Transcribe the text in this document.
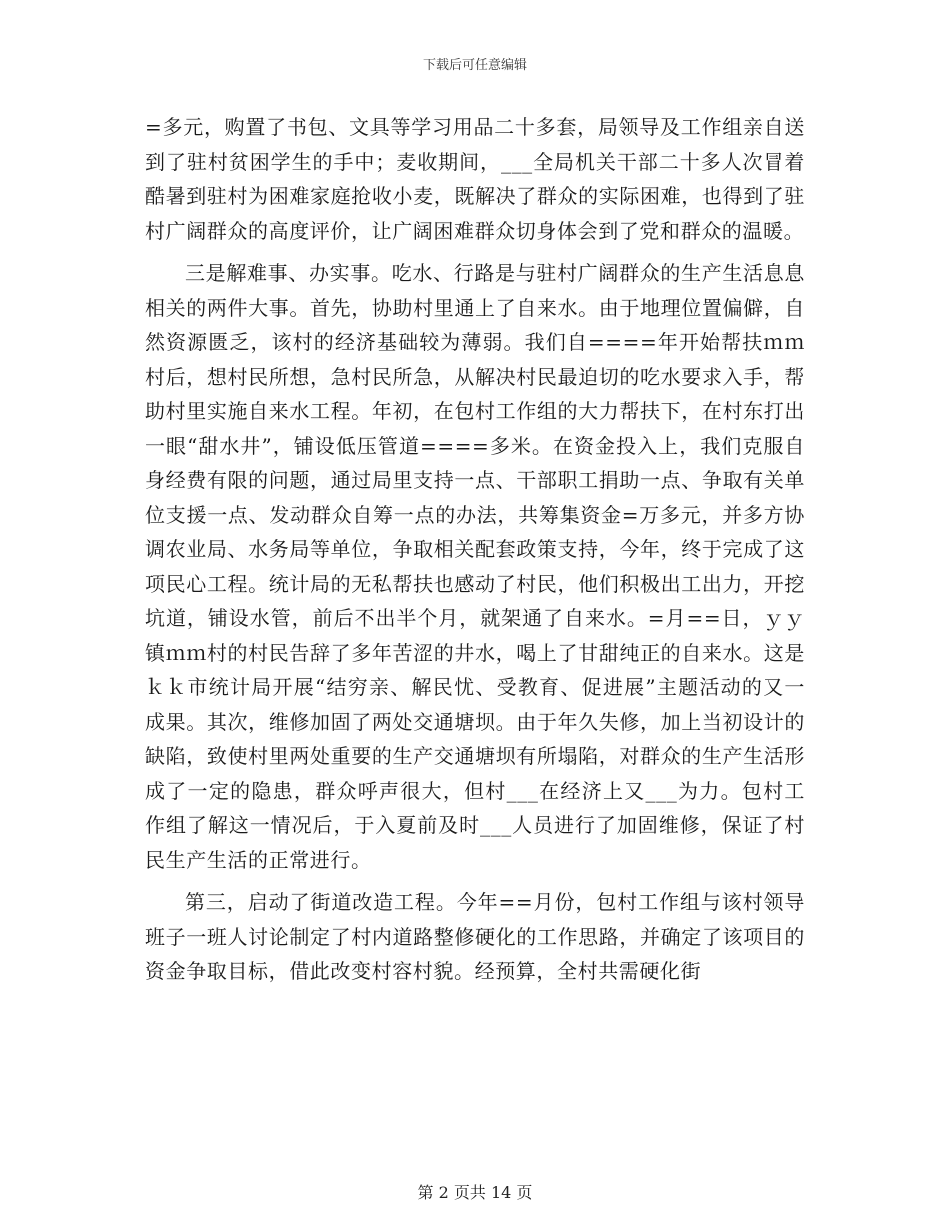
下载后可任意编辑

=多元，购置了书包、文具等学习用品二十多套，局领导及工作组亲自送到了驻村贫困学生的手中；麦收期间，___全局机关干部二十多人次冒着酷暑到驻村为困难家庭抢收小麦，既解决了群众的实际困难，也得到了驻村广阔群众的高度评价，让广阔困难群众切身体会到了党和群众的温暖。

三是解难事、办实事。吃水、行路是与驻村广阔群众的生产生活息息相关的两件大事。首先，协助村里通上了自来水。由于地理位置偏僻，自然资源匮乏，该村的经济基础较为薄弱。我们自====年开始帮扶ｍｍ村后，想村民所想，急村民所急，从解决村民最迫切的吃水要求入手，帮助村里实施自来水工程。年初，在包村工作组的大力帮扶下，在村东打出一眼“甜水井”，铺设低压管道====多米。在资金投入上，我们克服自身经费有限的问题，通过局里支持一点、干部职工捐助一点、争取有关单位支援一点、发动群众自筹一点的办法，共筹集资金=万多元，并多方协调农业局、水务局等单位，争取相关配套政策支持，今年，终于完成了这项民心工程。统计局的无私帮扶也感动了村民，他们积极出工出力，开挖坑道，铺设水管，前后不出半个月，就架通了自来水。=月==日，ｙｙ镇ｍｍ村的村民告辞了多年苦涩的井水，喝上了甘甜纯正的自来水。这是ｋｋ市统计局开展“结穷亲、解民忧、受教育、促进展”主题活动的又一成果。其次，维修加固了两处交通塘坝。由于年久失修，加上当初设计的缺陷，致使村里两处重要的生产交通塘坝有所塌陷，对群众的生产生活形成了一定的隐患，群众呼声很大，但村___在经济上又___为力。包村工作组了解这一情况后，于入夏前及时___人员进行了加固维修，保证了村民生产生活的正常进行。

第三，启动了街道改造工程。今年==月份，包村工作组与该村领导班子一班人讨论制定了村内道路整修硬化的工作思路，并确定了该项目的资金争取目标，借此改变村容村貌。经预算，全村共需硬化街

第 2 页共 14 页
